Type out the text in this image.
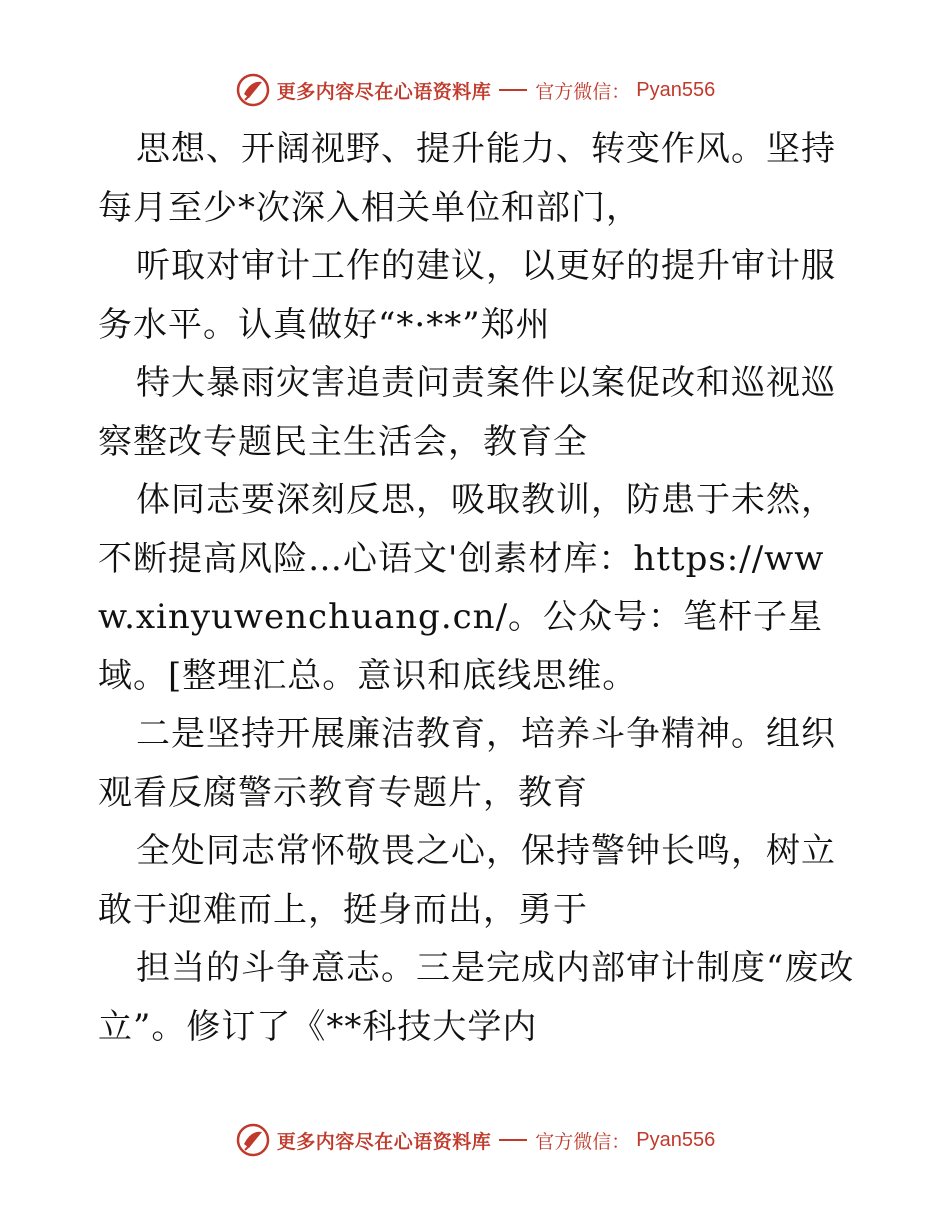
更多内容尽在心语资料库 官方微信： Pyan556

思想、开阔视野、提升能力、转变作风。坚持每月至少*次深入相关单位和部门，

听取对审计工作的建议，以更好的提升审计服务水平。认真做好“*·**”郑州

特大暴雨灾害追责问责案件以案促改和巡视巡察整改专题民主生活会，教育全

体同志要深刻反思，吸取教训，防患于未然，不断提高风险…心语文'创素材库：https://www.xinyuwenchuang.cn/。公众号：笔杆子星域。[整理汇总。意识和底线思维。

二是坚持开展廉洁教育，培养斗争精神。组织观看反腐警示教育专题片，教育

全处同志常怀敬畏之心，保持警钟长鸣，树立敢于迎难而上，挺身而出，勇于

担当的斗争意志。三是完成内部审计制度“废改立”。修订了《**科技大学内

更多内容尽在心语资料库 官方微信： Pyan556
